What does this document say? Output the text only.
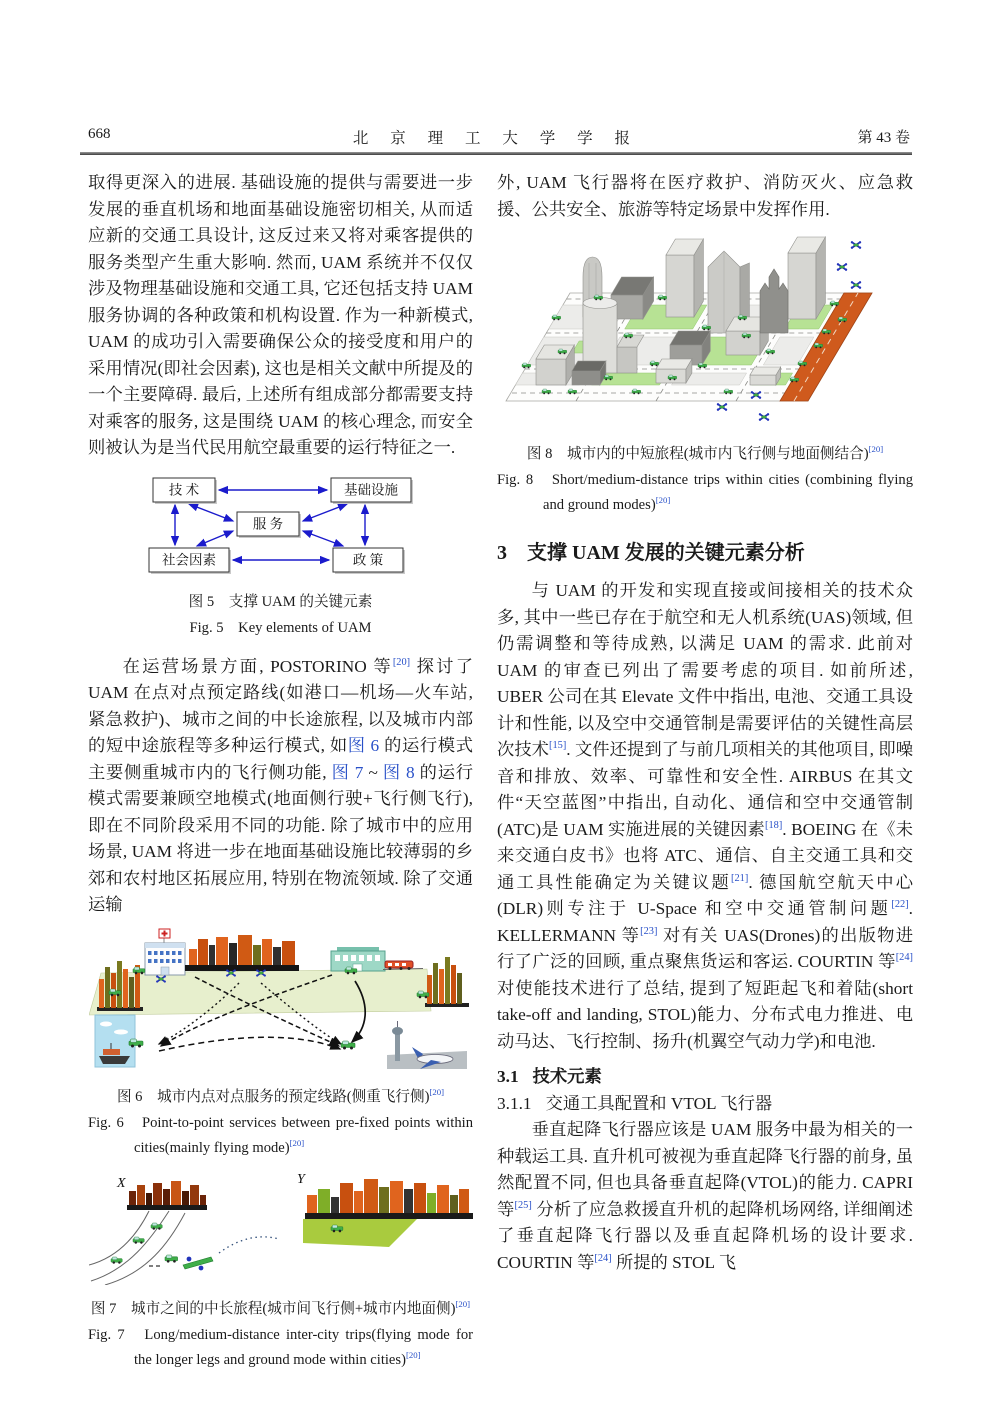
668	北 京 理 工 大 学 学 报	第 43 卷

取得更深入的进展. 基础设施的提供与需要进一步发展的垂直机场和地面基础设施密切相关, 从而适应新的交通工具设计, 这反过来又将对乘客提供的服务类型产生重大影响. 然而, UAM 系统并不仅仅涉及物理基础设施和交通工具, 它还包括支持 UAM 服务协调的各种政策和机构设置. 作为一种新模式, UAM 的成功引入需要确保公众的接受度和用户的采用情况(即社会因素), 这也是相关文献中所提及的一个主要障碍. 最后, 上述所有组成部分都需要支持对乘客的服务, 这是围绕 UAM 的核心理念, 而安全则被认为是当代民用航空最重要的运行特征之一.

技 术	基础设施
服 务
社会因素	政 策
图 5　支撑 UAM 的关键元素
Fig. 5　Key elements of UAM

在运营场景方面, POSTORINO 等[20] 探讨了 UAM 在点对点预定路线(如港口—机场—火车站, 紧急救护)、城市之间的中长途旅程, 以及城市内部的短中途旅程等多种运行模式, 如图 6 的运行模式主要侧重城市内的飞行侧功能, 图 7 ~ 图 8 的运行模式需要兼顾空地模式(地面侧行驶+飞行侧飞行), 即在不同阶段采用不同的功能. 除了城市中的应用场景, UAM 将进一步在地面基础设施比较薄弱的乡郊和农村地区拓展应用, 特别在物流领域. 除了交通运输

图 6　城市内点对点服务的预定线路(侧重飞行侧)[20]
Fig. 6　Point-to-point services between pre-fixed points within cities(mainly flying mode)[20]
X	Y
图 7　城市之间的中长旅程(城市间飞行侧+城市内地面侧)[20]
Fig. 7　Long/medium-distance inter-city trips(flying mode for the longer legs and ground mode within cities)[20]

外, UAM 飞行器将在医疗救护、消防灭火、应急救援、公共安全、旅游等特定场景中发挥作用.

图 8　城市内的中短旅程(城市内飞行侧与地面侧结合)[20]
Fig. 8　Short/medium-distance trips within cities (combining flying and ground modes)[20]
3 支撑 UAM 发展的关键元素分析

与 UAM 的开发和实现直接或间接相关的技术众多, 其中一些已存在于航空和无人机系统(UAS)领域, 但仍需调整和等待成熟, 以满足 UAM 的需求. 此前对 UAM 的审查已列出了需要考虑的项目. 如前所述, UBER 公司在其 Elevate 文件中指出, 电池、交通工具设计和性能, 以及空中交通管制是需要评估的关键性高层次技术[15]. 文件还提到了与前几项相关的其他项目, 即噪音和排放、效率、可靠性和安全性. AIRBUS 在其文件“天空蓝图”中指出, 自动化、通信和空中交通管制(ATC)是 UAM 实施进展的关键因素[18]. BOEING 在《未来交通白皮书》也将 ATC、通信、自主交通工具和交通工具性能确定为关键议题[21]. 德国航空航天中心(DLR)则专注于 U-Space 和空中交通管制问题[22]. KELLERMANN 等[23] 对有关 UAS(Drones)的出版物进行了广泛的回顾, 重点聚焦货运和客运. COURTIN 等[24] 对使能技术进行了总结, 提到了短距起飞和着陆(short take-off and landing, STOL)能力、分布式电力推进、电动马达、飞行控制、扬升(机翼空气动力学)和电池.

3.1 技术元素
3.1.1 交通工具配置和 VTOL 飞行器

垂直起降飞行器应该是 UAM 服务中最为相关的一种载运工具. 直升机可被视为垂直起降飞行器的前身, 虽然配置不同, 但也具备垂直起降(VTOL)的能力. CAPRI 等[25] 分析了应急救援直升机的起降机场网络, 详细阐述了垂直起降飞行器以及垂直起降机场的设计要求. COURTIN 等[24] 所提的 STOL 飞
